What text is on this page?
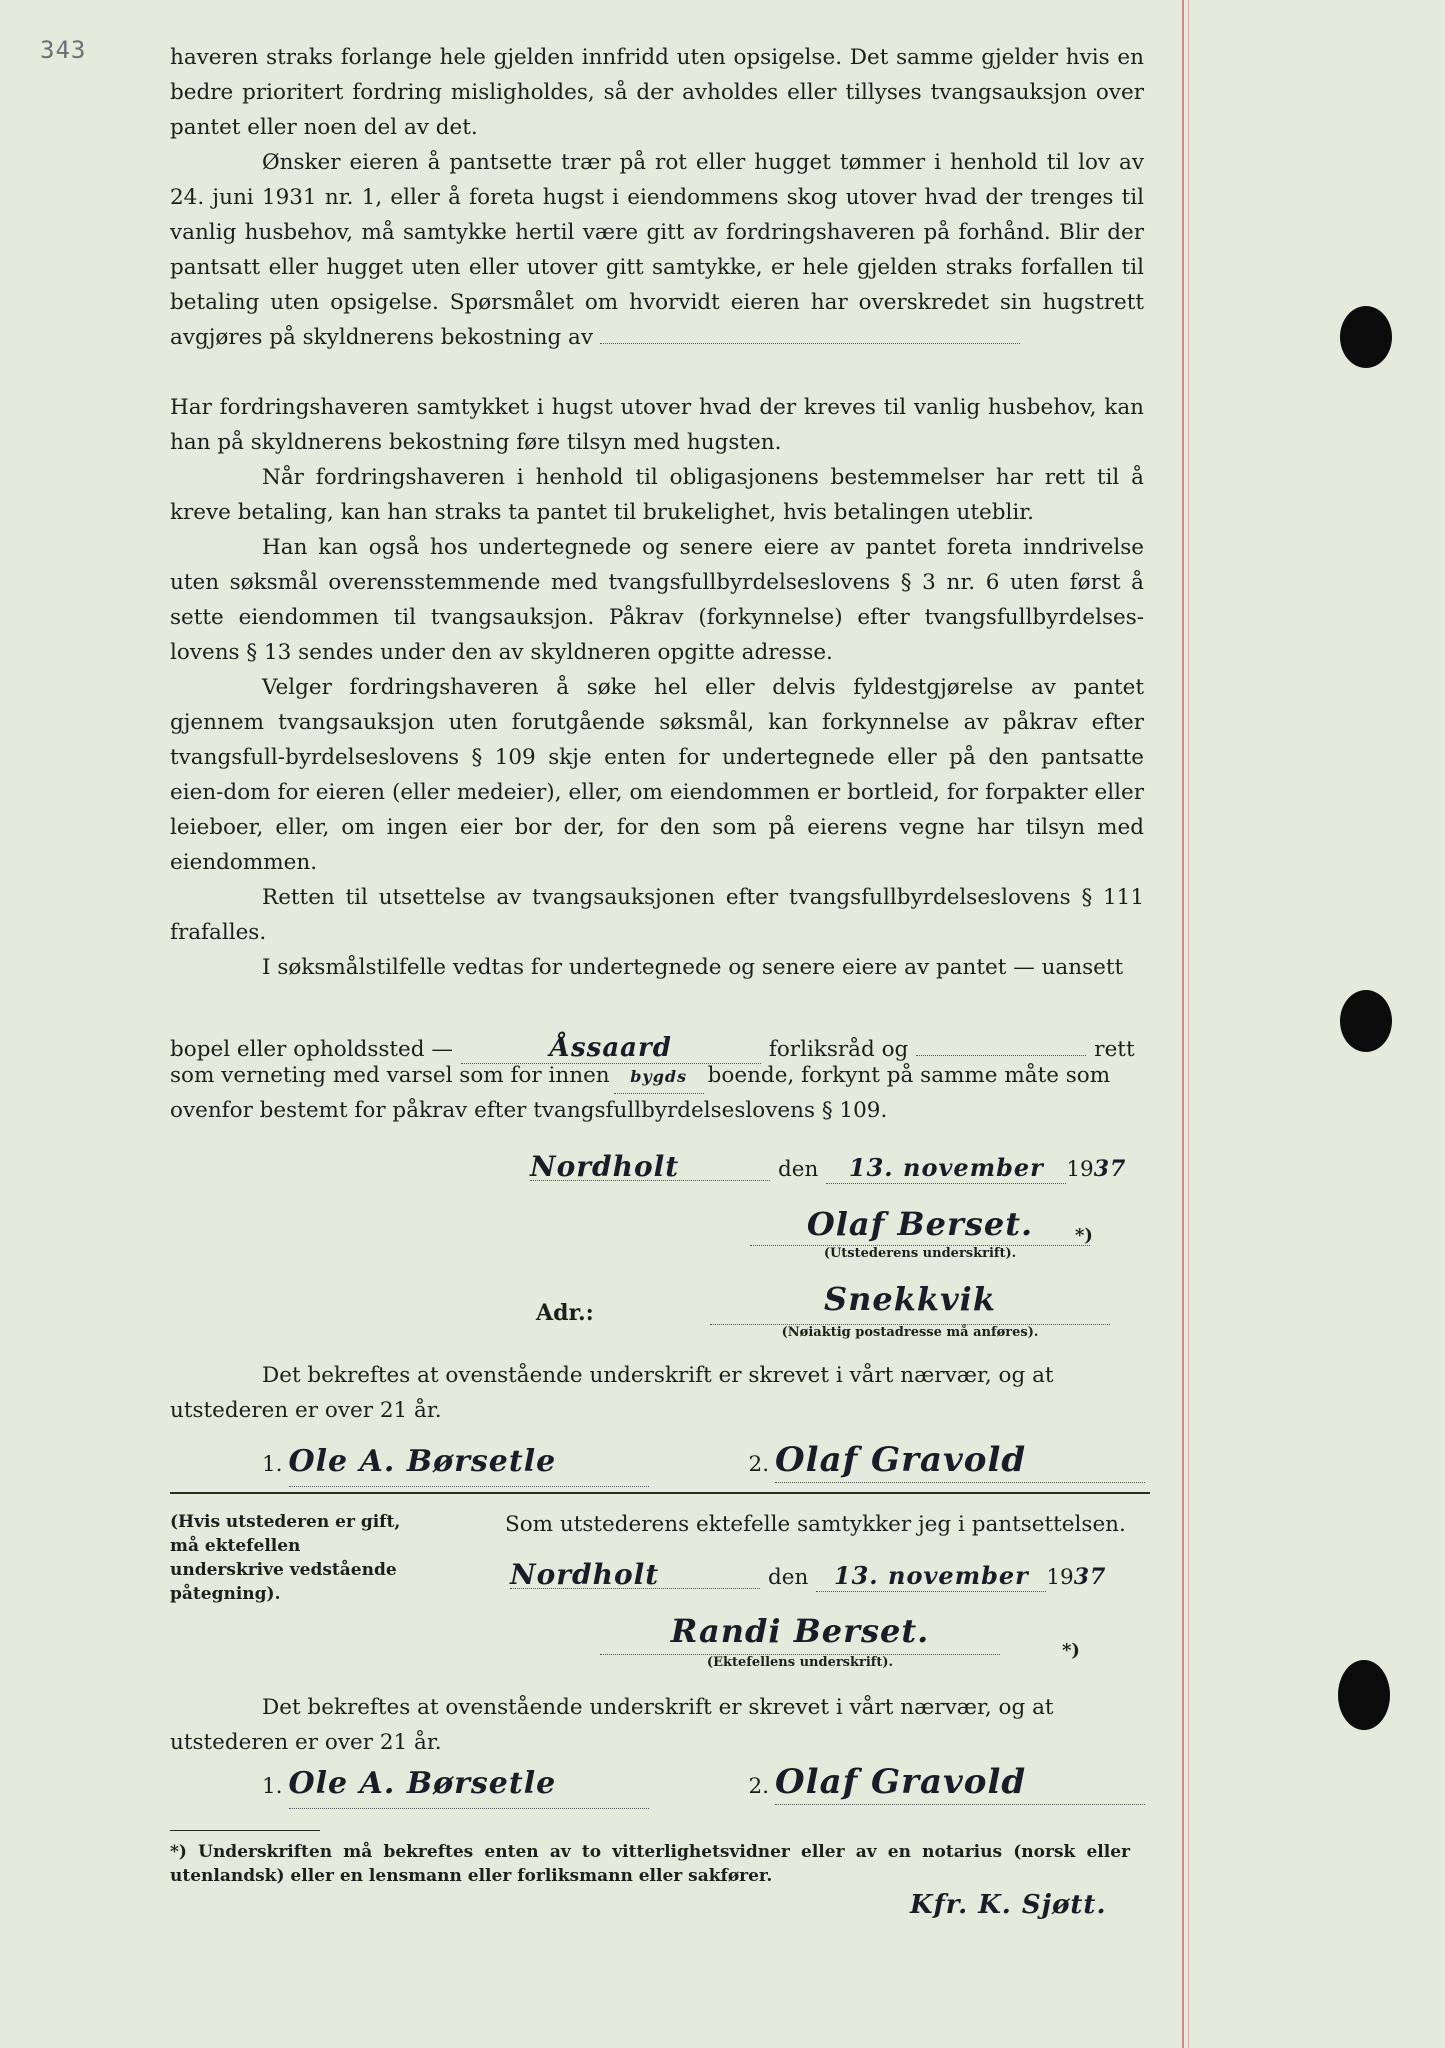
343	haveren straks forlange hele gjelden innfridd uten opsigelse. Det samme gjelder hvis en bedre prioritert fordring misligholdes, så der avholdes eller tillyses tvangsauksjon over pantet eller noen del av det.

Ønsker eieren å pantsette trær på rot eller hugget tømmer i henhold til lov av 24. juni 1931 nr. 1, eller å foreta hugst i eiendommens skog utover hvad der trenges til vanlig husbehov, må samtykke hertil være gitt av fordringshaveren på forhånd. Blir der pantsatt eller hugget uten eller utover gitt samtykke, er hele gjelden straks forfallen til betaling uten opsigelse. Spørsmålet om hvorvidt eieren har overskredet sin hugstrett avgjøres på skyldnerens bekostning av

Har fordringshaveren samtykket i hugst utover hvad der kreves til vanlig husbehov, kan han på skyldnerens bekostning føre tilsyn med hugsten.

Når fordringshaveren i henhold til obligasjonens bestemmelser har rett til å kreve betaling, kan han straks ta pantet til brukelighet, hvis betalingen uteblir.

Han kan også hos undertegnede og senere eiere av pantet foreta inndrivelse uten søksmål overensstemmende med tvangsfullbyrdelseslovens § 3 nr. 6 uten først å sette eiendommen til tvangsauksjon. Påkrav (forkynnelse) efter tvangsfullbyrdelses-lovens § 13 sendes under den av skyldneren opgitte adresse.

Velger fordringshaveren å søke hel eller delvis fyldestgjørelse av pantet gjennem tvangsauksjon uten forutgående søksmål, kan forkynnelse av påkrav efter tvangsfull-byrdelseslovens § 109 skje enten for undertegnede eller på den pantsatte eien-dom for eieren (eller medeier), eller, om eiendommen er bortleid, for forpakter eller leieboer, eller, om ingen eier bor der, for den som på eierens vegne har tilsyn med eiendommen.

Retten til utsettelse av tvangsauksjonen efter tvangsfullbyrdelseslovens § 111 frafalles.

I søksmålstilfelle vedtas for undertegnede og senere eiere av pantet — uansett

bopel eller opholdssted —	Åssaard	forliksråd og	rett
som verneting med varsel som for innen	bygds boende, forkynt på samme måte som
ovenfor bestemt for påkrav efter tvangsfullbyrdelseslovens § 109.
Nordholt	den	13. november	19 37
Olaf Berset.
(Utstederens underskrift).
*)
Adr.:	Snekkvik
(Nøiaktig postadresse må anføres).

Det bekreftes at ovenstående underskrift er skrevet i vårt nærvær, og at

utstederen er over 21 år.

1. Ole A. Børsetle	2. Olaf Gravold
(Hvis utstederen er gift, må ektefellen underskrive vedstående påtegning).
Som utstederens ektefelle samtykker jeg i pantsettelsen.
Nordholt	den	13. november 19 37
Randi Berset.
(Ektefellens underskrift).
*)

Det bekreftes at ovenstående underskrift er skrevet i vårt nærvær, og at

utstederen er over 21 år.

1. Ole A. Børsetle	2. Olaf Gravold
*) Underskriften må bekreftes enten av to vitterlighetsvidner eller av en notarius (norsk eller utenlandsk) eller en lensmann eller forliksmann eller sakfører.
Kfr. K. Sjøtt.
